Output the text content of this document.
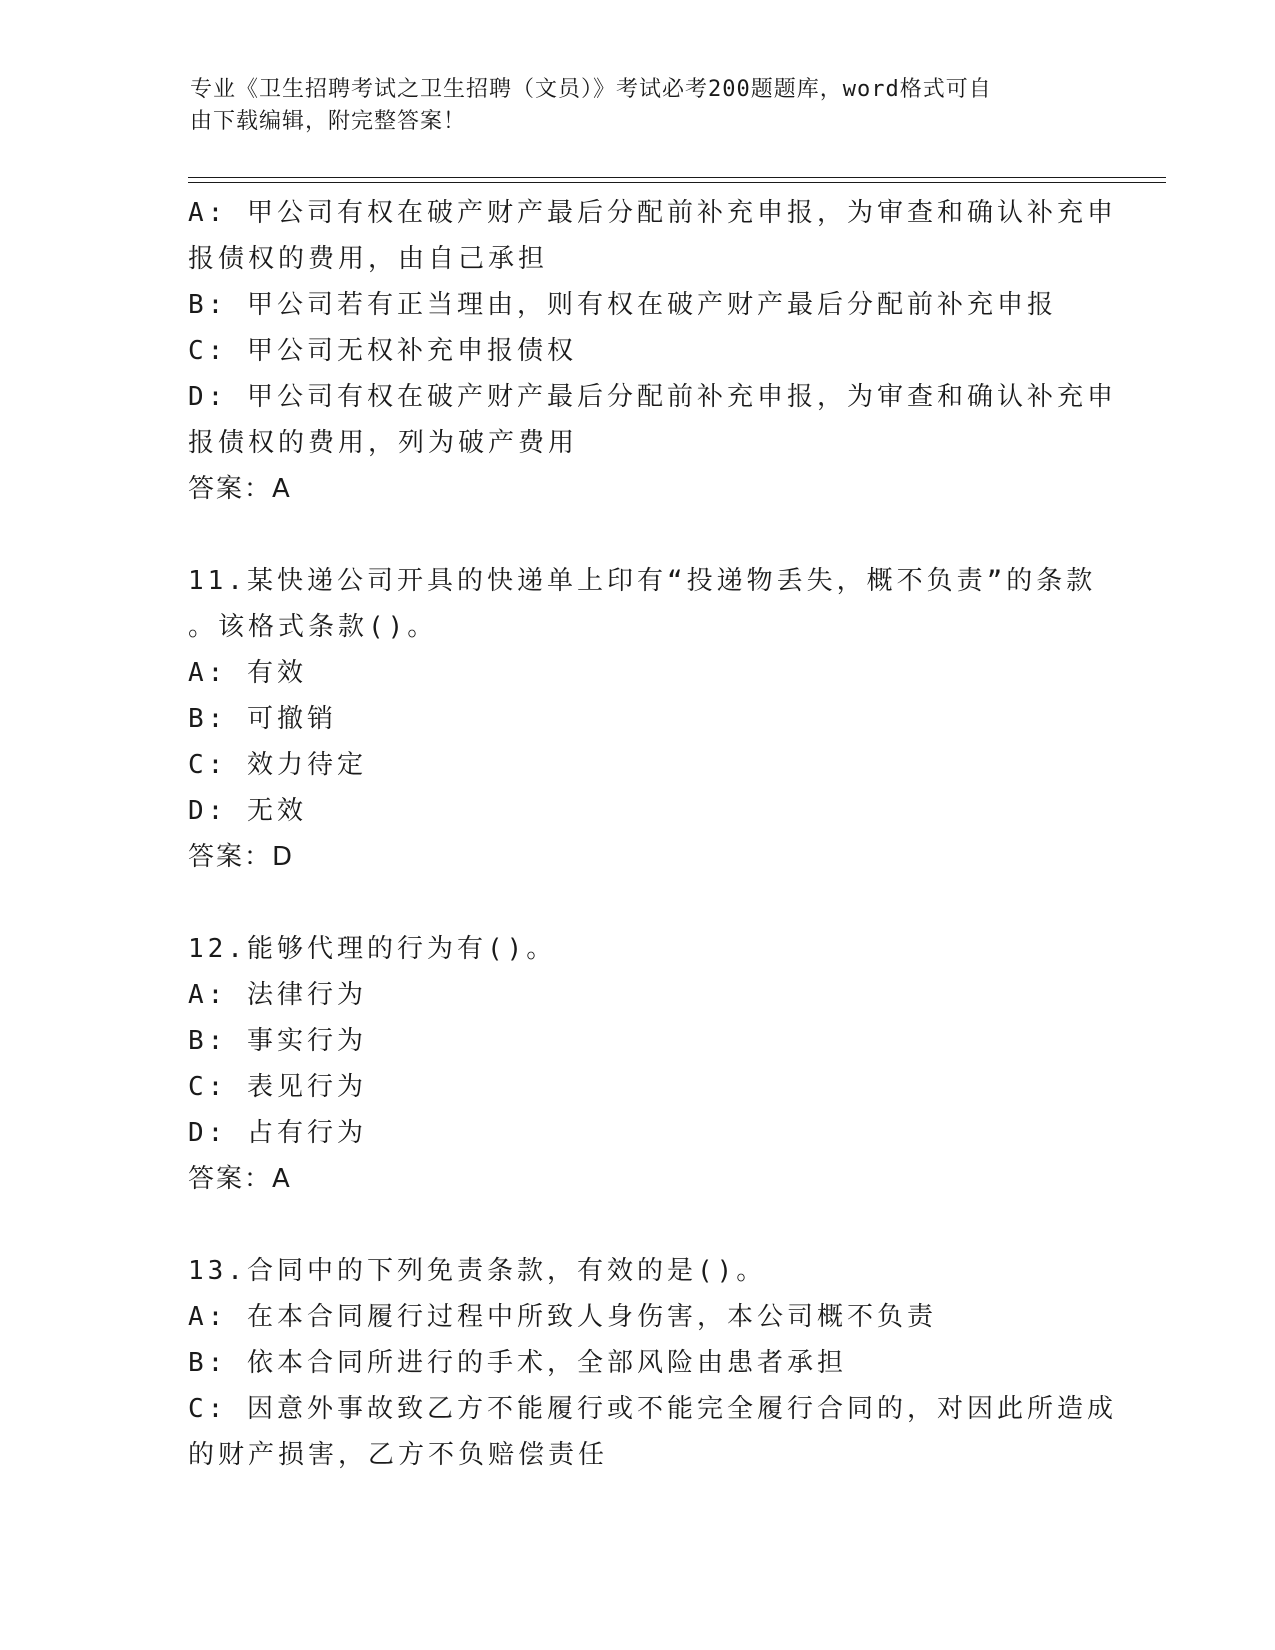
专业《卫生招聘考试之卫生招聘（文员）》考试必考200题题库，word格式可自
由下载编辑，附完整答案！
A: 甲公司有权在破产财产最后分配前补充申报，为审查和确认补充申
报债权的费用，由自己承担
B: 甲公司若有正当理由，则有权在破产财产最后分配前补充申报
C: 甲公司无权补充申报债权
D: 甲公司有权在破产财产最后分配前补充申报，为审查和确认补充申
报债权的费用，列为破产费用
答案：A
11.某快递公司开具的快递单上印有“投递物丢失，概不负责”的条款
。该格式条款()。
A: 有效
B: 可撤销
C: 效力待定
D: 无效
答案：D
12.能够代理的行为有()。
A: 法律行为
B: 事实行为
C: 表见行为
D: 占有行为
答案：A
13.合同中的下列免责条款，有效的是()。
A: 在本合同履行过程中所致人身伤害，本公司概不负责
B: 依本合同所进行的手术，全部风险由患者承担
C: 因意外事故致乙方不能履行或不能完全履行合同的，对因此所造成
的财产损害，乙方不负赔偿责任
